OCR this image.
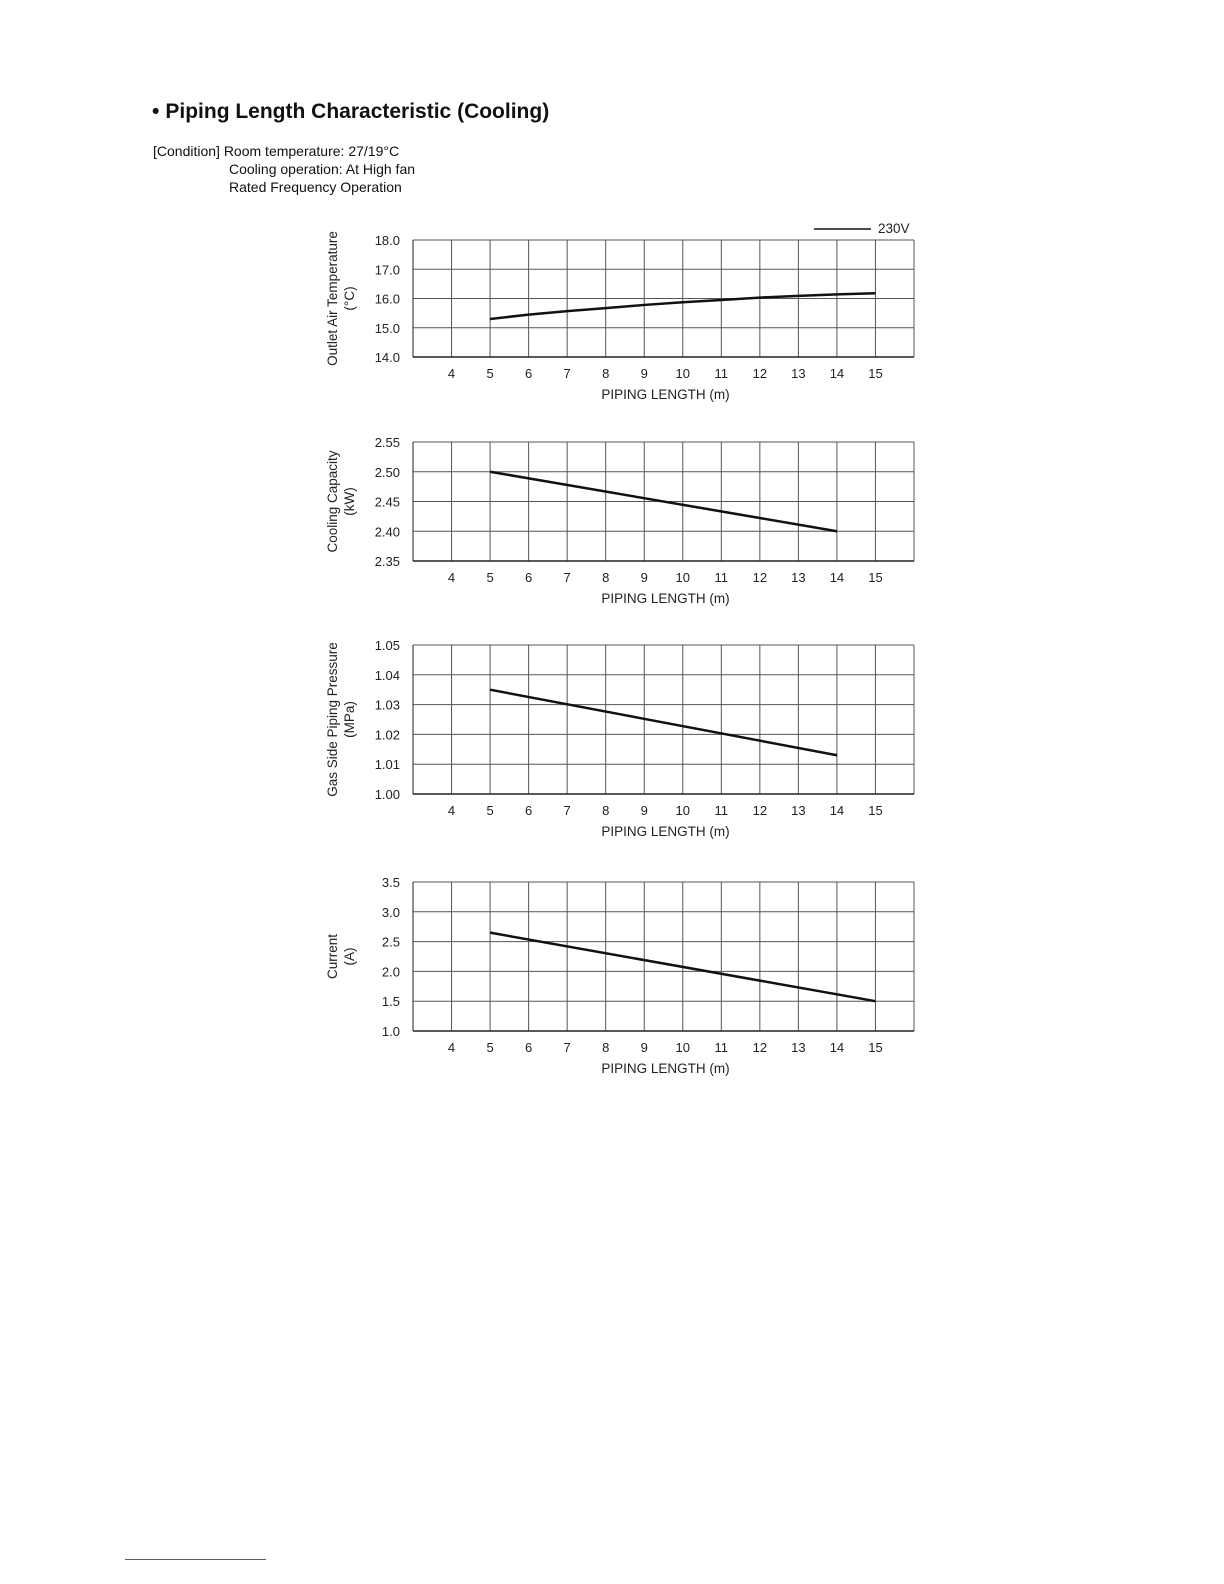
• Piping Length Characteristic (Cooling)
[Condition] Room temperature: 27/19°C
Cooling operation: At High fan
Rated Frequency Operation
14.0
15.0
16.0
17.0
18.0
4 5 6 7 8 9 10 11 12 13 14 15
PIPING LENGTH (m)
Outlet Air Temperature (°C)
2.35
2.40
2.45
2.50
2.55
4 5 6 7 8 9 10 11 12 13 14 15
PIPING LENGTH (m)
Cooling Capacity (kW)
1.00
1.01
1.02
1.03
1.04
1.05
4 5 6 7 8 9 10 11 12 13 14 15
PIPING LENGTH (m)
Gas Side Piping Pressure (MPa)
1.0
1.5
2.0
2.5
3.0
3.5
4 5 6 7 8 9 10 11 12 13 14 15
PIPING LENGTH (m)
Current (A)
230V
